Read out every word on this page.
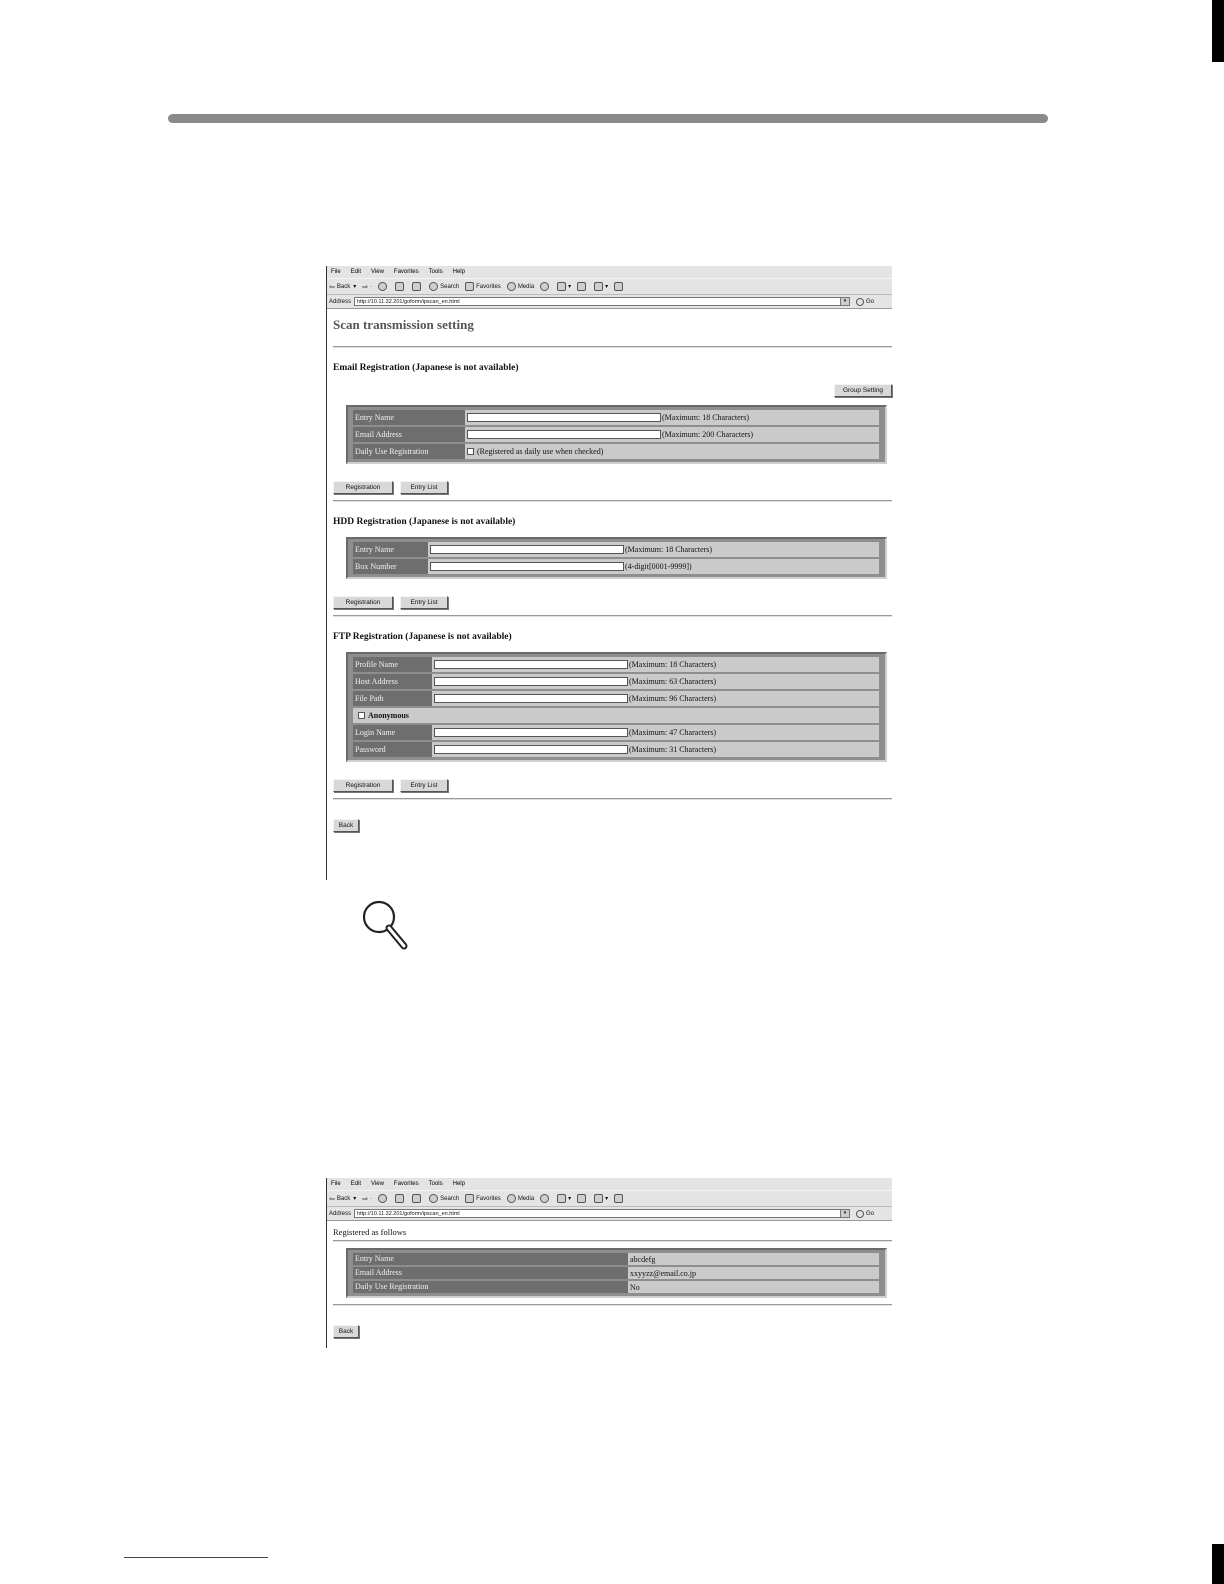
File Edit View Favorites Tools Help
⇦ Back ▾ ⇨ ·	Search	Favorites	Media	▾	▾
Address http://10.11.32.201/goform/ipscan_en.html	▾	Go
Scan transmission setting
Email Registration (Japanese is not available)
Group Setting
Entry Name	(Maximum: 18 Characters)
Email Address	(Maximum: 200 Characters)
Daily Use Registration	(Registered as daily use when checked)
Registration	Entry List
HDD Registration (Japanese is not available)
Entry Name	(Maximum: 18 Characters)
Box Number	(4-digit[0001-9999])
Registration	Entry List
FTP Registration (Japanese is not available)
Profile Name	(Maximum: 18 Characters)
Host Address	(Maximum: 63 Characters)
File Path	(Maximum: 96 Characters)
Anonymous
Login Name	(Maximum: 47 Characters)
Password	(Maximum: 31 Characters)
Registration	Entry List
Back
File Edit View Favorites Tools Help
⇦ Back ▾ ⇨ ·	Search	Favorites	Media	▾	▾
Address http://10.11.32.201/goform/ipscan_en.html	▾	Go
Registered as follows
Entry Name	abcdefg
Email Address	xxyyzz@email.co.jp
Daily Use Registration	No
Back
